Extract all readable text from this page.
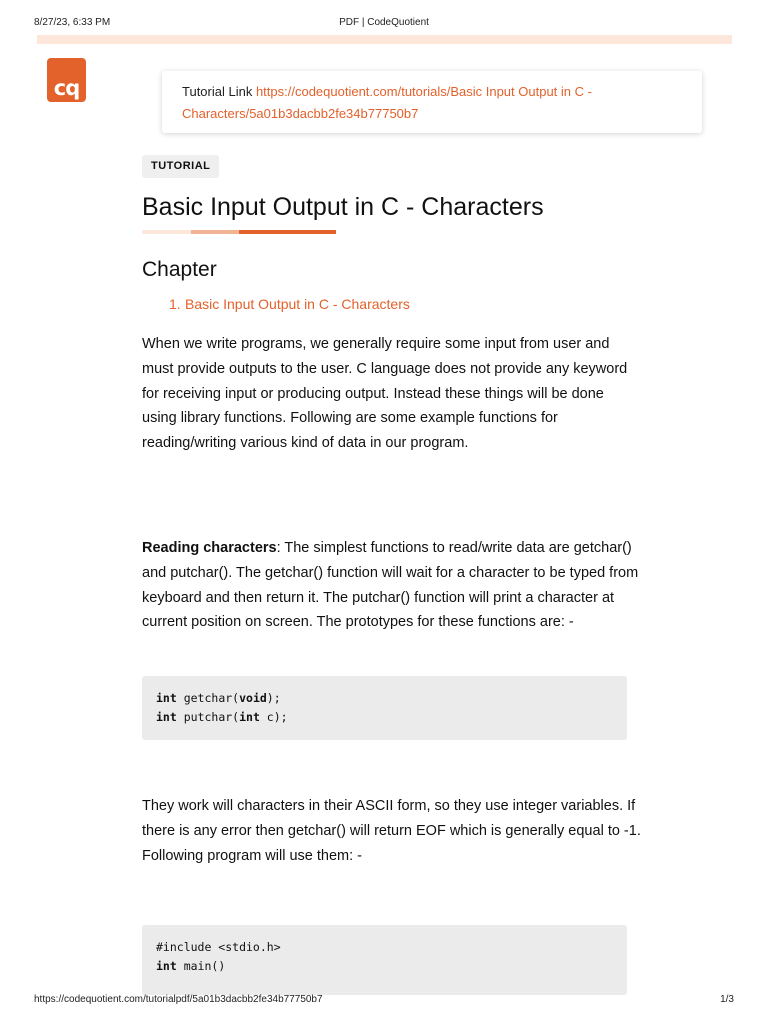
8/27/23, 6:33 PM	PDF | CodeQuotient
cq	Tutorial Link https://codequotient.com/tutorials/Basic Input Output in C -
Characters/5a01b3dacbb2fe34b77750b7
TUTORIAL
Basic Input Output in C - Characters
Chapter
1. Basic Input Output in C - Characters

When we write programs, we generally require some input from user and must provide outputs to the user. C language does not provide any keyword for receiving input or producing output. Instead these things will be done using library functions. Following are some example functions for reading/writing various kind of data in our program.

Reading characters: The simplest functions to read/write data are getchar() and putchar(). The getchar() function will wait for a character to be typed from keyboard and then return it. The putchar() function will print a character at current position on screen. The prototypes for these functions are: -

int getchar(void);
int putchar(int c);

They work will characters in their ASCII form, so they use integer variables. If there is any error then getchar() will return EOF which is generally equal to -1. Following program will use them: -

#include <stdio.h>
int main()
https://codequotient.com/tutorialpdf/5a01b3dacbb2fe34b77750b7	1/3
